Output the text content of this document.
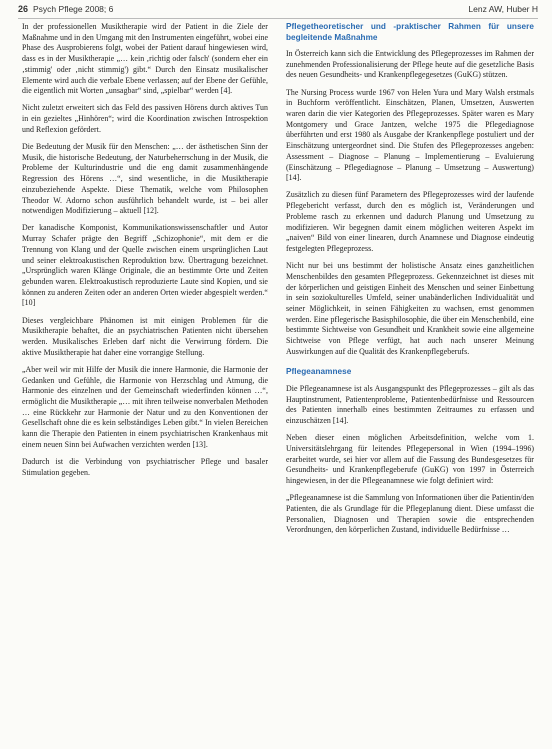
26 Psych Pflege 2008; 6	Lenz AW, Huber H

In der professionellen Musiktherapie wird der Patient in die Ziele der Maßnahme und in den Umgang mit den Instrumenten eingeführt, wobei eine Phase des Ausprobierens folgt, wobei der Patient darauf hingewiesen wird, dass es in der Musiktherapie „… kein ‚richtig oder falsch' (sondern eher ein ‚stimmig' oder ‚nicht stimmig') gibt.“ Durch den Einsatz musikalischer Elemente wird auch die verbale Ebene verlassen; auf der Ebene der Gefühle, die eigentlich mit Worten „unsagbar“ sind, „spielbar“ werden [4].

Nicht zuletzt erweitert sich das Feld des passiven Hörens durch aktives Tun in ein gezieltes „Hinhören“; wird die Koordination zwischen Introspektion und Reflexion gefördert.

Die Bedeutung der Musik für den Menschen: „… der ästhetischen Sinn der Musik, die historische Bedeutung, der Naturbeherrschung in der Musik, die Probleme der Kulturindustrie und die eng damit zusammenhängende Regression des Hörens …“, sind wesentliche, in die Musiktherapie einzubeziehende Aspekte. Diese Thematik, welche vom Philosophen Theodor W. Adorno schon ausführlich behandelt wurde, ist – bei aller notwendigen Modifizierung – aktuell [12].

Der kanadische Komponist, Kommunikationswissenschaftler und Autor Murray Schafer prägte den Begriff „Schizophonie“, mit dem er die Trennung von Klang und der Quelle zwischen einem ursprünglichen Laut und seiner elektroakustischen Reproduktion bzw. Übertragung bezeichnet. „Ursprünglich waren Klänge Originale, die an bestimmte Orte und Zeiten gebunden waren. Elektroakustisch reproduzierte Laute sind Kopien, und sie können zu anderen Zeiten oder an anderen Orten wieder abgespielt werden.“ [10]

Dieses vergleichbare Phänomen ist mit einigen Problemen für die Musiktherapie behaftet, die an psychiatrischen Patienten nicht übersehen werden. Musikalisches Erleben darf nicht die Verwirrung fördern. Die aktive Musiktherapie hat daher eine vorrangige Stellung.

„Aber weil wir mit Hilfe der Musik die innere Harmonie, die Harmonie der Gedanken und Gefühle, die Harmonie von Herzschlag und Atmung, die Harmonie des einzelnen und der Gemeinschaft wiederfinden können …“, ermöglicht die Musiktherapie „… mit ihren teilweise nonverbalen Methoden … eine Rückkehr zur Harmonie der Natur und zu den Konventionen der Gesellschaft ohne die es kein selbständiges Leben gibt.“ In vielen Bereichen kann die Therapie den Patienten in einem psychiatrischen Krankenhaus mit einem neuen Sinn bei Aufwachen verzichten werden [13].

Dadurch ist die Verbindung von psychiatrischer Pflege und basaler Stimulation gegeben.

Pflegetheoretischer und -praktischer Rahmen für unsere begleitende Maßnahme

In Österreich kann sich die Entwicklung des Pflegeprozesses im Rahmen der zunehmenden Professionalisierung der Pflege heute auf die gesetzliche Basis des neuen Gesundheits- und Krankenpflegegesetzes (GuKG) stützen.

The Nursing Process wurde 1967 von Helen Yura und Mary Walsh erstmals in Buchform veröffentlicht. Einschätzen, Planen, Umsetzen, Auswerten waren darin die vier Kategorien des Pflegeprozesses. Später waren es Mary Montgomery und Grace Jantzen, welche 1975 die Pflegediagnose überführten und erst 1980 als Ausgabe der Krankenpflege postuliert und der Einschätzung untergeordnet sind. Die Stufen des Pflegeprozesses angeben: Assessment – Diagnose – Planung – Implementierung – Evaluierung (Einschätzung – Pflegediagnose – Planung – Umsetzung – Auswertung) [14].

Zusätzlich zu diesen fünf Parametern des Pflegeprozesses wird der laufende Pflegebericht verfasst, durch den es möglich ist, Veränderungen und Probleme rasch zu erkennen und dadurch Planung und Umsetzung zu modifizieren. Wir begegnen damit einem möglichen weiteren Aspekt im „naiven“ Bild von einer linearen, durch Anamnese und Diagnose eindeutig festgelegten Pflegeprozess.

Nicht nur bei uns bestimmt der holistische Ansatz eines ganzheitlichen Menschenbildes den gesamten Pflegeprozess. Gekennzeichnet ist dieses mit der körperlichen und geistigen Einheit des Menschen und seiner Einbettung in sein soziokulturelles Umfeld, seiner unabänderlichen Individualität und seiner Möglichkeit, in seinen Fähigkeiten zu wachsen, ernst genommen werden. Eine pflegerische Basisphilosophie, die über ein Menschenbild, eine bestimmte Sichtweise von Gesundheit und Krankheit sowie eine allgemeine Sichtweise von Pflege verfügt, hat auch nach unserer Meinung Auswirkungen auf die Qualität des Krankenpflegeberufs.

Pflegeanamnese

Die Pflegeanamnese ist als Ausgangspunkt des Pflegeprozesses – gilt als das Hauptinstrument, Patientenprobleme, Patientenbedürfnisse und Ressourcen des Patienten innerhalb eines bestimmten Zeitraumes zu erfassen und einzuschätzen [14].

Neben dieser einen möglichen Arbeitsdefinition, welche vom 1. Universitätslehrgang für leitendes Pflegepersonal in Wien (1994–1996) erarbeitet wurde, sei hier vor allem auf die Fassung des Bundesgesetzes für Gesundheits- und Krankenpflegeberufe (GuKG) von 1997 in Österreich hingewiesen, in der die Pflegeanamnese wie folgt definiert wird:

„Pflegeanamnese ist die Sammlung von Informationen über die Patientin/den Patienten, die als Grundlage für die Pflegeplanung dient. Diese umfasst die Personalien, Diagnosen und Therapien sowie die entsprechenden Verordnungen, den körperlichen Zustand, individuelle Bedürfnisse …
